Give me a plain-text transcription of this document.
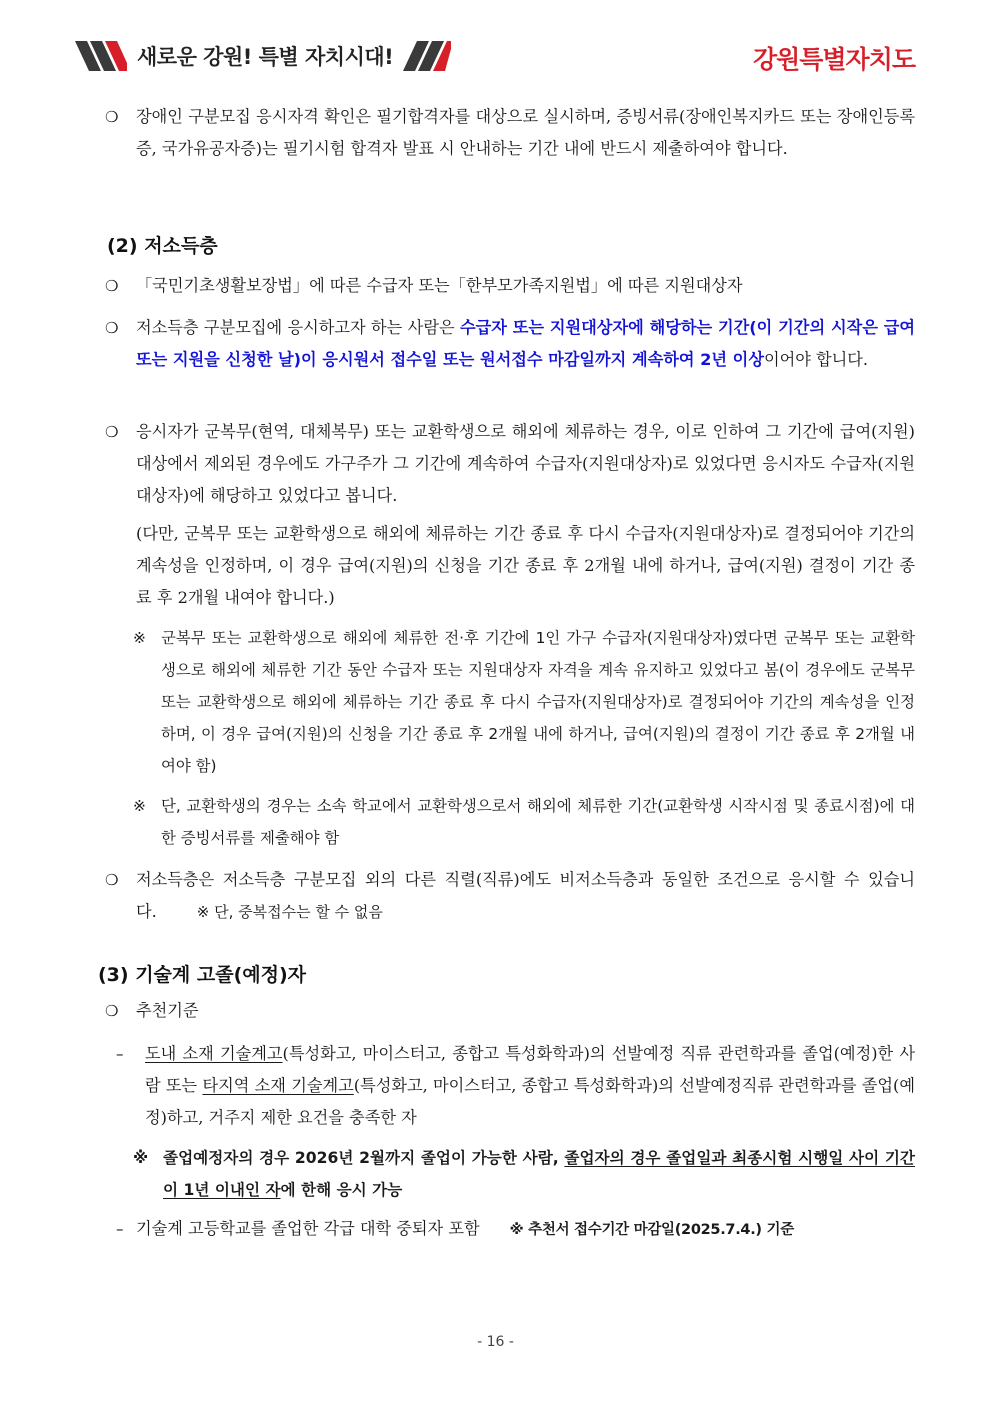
새로운 강원! 특별 자치시대!	강원특별자치도
❍ 장애인 구분모집 응시자격 확인은 필기합격자를 대상으로 실시하며, 증빙서류(장애인복지카드 또는 장애인등록증, 국가유공자증)는 필기시험 합격자 발표 시 안내하는 기간 내에 반드시 제출하여야 합니다.
(2) 저소득층
❍ 「국민기초생활보장법」에 따른 수급자 또는「한부모가족지원법」에 따른 지원대상자
❍ 저소득층 구분모집에 응시하고자 하는 사람은 수급자 또는 지원대상자에 해당하는 기간(이 기간의 시작은 급여 또는 지원을 신청한 날)이 응시원서 접수일 또는 원서접수 마감일까지 계속하여 2년 이상이어야 합니다.
❍ 응시자가 군복무(현역, 대체복무) 또는 교환학생으로 해외에 체류하는 경우, 이로 인하여 그 기간에 급여(지원) 대상에서 제외된 경우에도 가구주가 그 기간에 계속하여 수급자(지원대상자)로 있었다면 응시자도 수급자(지원대상자)에 해당하고 있었다고 봅니다.
(다만, 군복무 또는 교환학생으로 해외에 체류하는 기간 종료 후 다시 수급자(지원대상자)로 결정되어야 기간의 계속성을 인정하며, 이 경우 급여(지원)의 신청을 기간 종료 후 2개월 내에 하거나, 급여(지원) 결정이 기간 종료 후 2개월 내여야 합니다.)
※ 군복무 또는 교환학생으로 해외에 체류한 전·후 기간에 1인 가구 수급자(지원대상자)였다면 군복무 또는 교환학생으로 해외에 체류한 기간 동안 수급자 또는 지원대상자 자격을 계속 유지하고 있었다고 봄(이 경우에도 군복무 또는 교환학생으로 해외에 체류하는 기간 종료 후 다시 수급자(지원대상자)로 결정되어야 기간의 계속성을 인정하며, 이 경우 급여(지원)의 신청을 기간 종료 후 2개월 내에 하거나, 급여(지원)의 결정이 기간 종료 후 2개월 내여야 함)
※ 단, 교환학생의 경우는 소속 학교에서 교환학생으로서 해외에 체류한 기간(교환학생 시작시점 및 종료시점)에 대한 증빙서류를 제출해야 함
❍ 저소득층은 저소득층 구분모집 외의 다른 직렬(직류)에도 비저소득층과 동일한 조건으로 응시할 수 있습니다.	※ 단, 중복접수는 할 수 없음
(3) 기술계 고졸(예정)자
❍ 추천기준
– 도내 소재 기술계고(특성화고, 마이스터고, 종합고 특성화학과)의 선발예정 직류 관련학과를 졸업(예정)한 사람 또는 타지역 소재 기술계고(특성화고, 마이스터고, 종합고 특성화학과)의 선발예정직류 관련학과를 졸업(예정)하고, 거주지 제한 요건을 충족한 자
※ 졸업예정자의 경우 2026년 2월까지 졸업이 가능한 사람, 졸업자의 경우 졸업일과 최종시험 시행일 사이 기간이 1년 이내인 자에 한해 응시 가능
– 기술계 고등학교를 졸업한 각급 대학 중퇴자 포함 ※ 추천서 접수기간 마감일(2025.7.4.) 기준
- 16 -
